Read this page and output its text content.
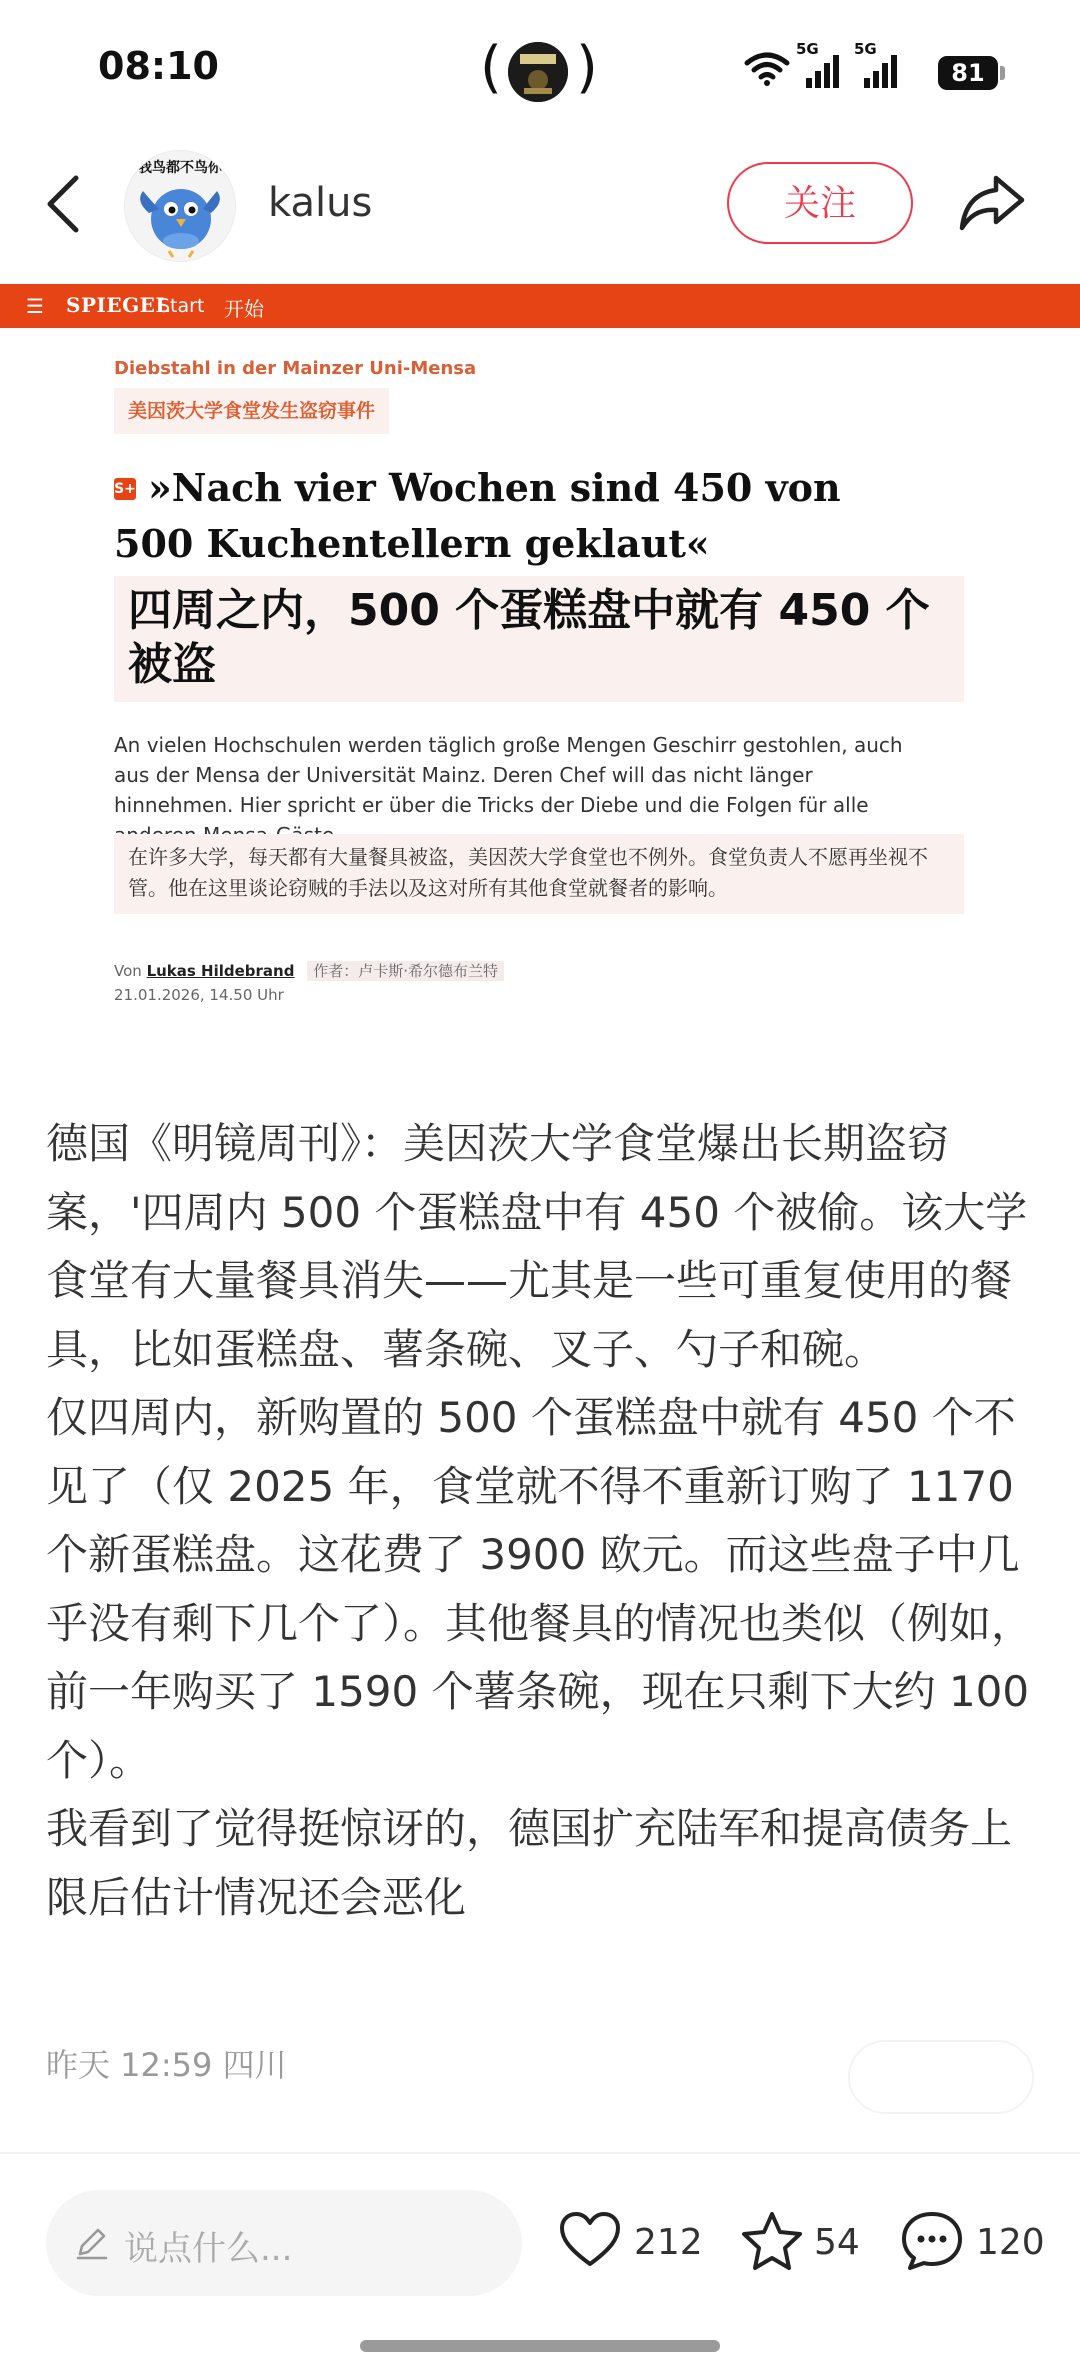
08:10	( )	5G 5G
81
我鸟都不鸟你
kalus	关注
☰ SPIEGEL
Start 开始
Diebstahl in der Mainzer Uni-Mensa
美因茨大学食堂发生盗窃事件
»Nach vier Wochen sind 450 von 500 Kuchentellern geklaut«
S+
四周之内，500 个蛋糕盘中就有 450 个被盗
An vielen Hochschulen werden täglich große Mengen Geschirr gestohlen, auch aus der Mensa der Universität Mainz. Deren Chef will das nicht länger hinnehmen. Hier spricht er über die Tricks der Diebe und die Folgen für alle
在许多大学，每天都有大量餐具被盗，美因茨大学食堂也不例外。食堂负责人不愿再坐视不管。他在这里谈论窃贼的手法以及这对所有其他食堂就餐者的影响。
Von Lukas Hildebrand 作者：卢卡斯·希尔德布兰特
21.01.2026, 14.50 Uhr

德国《明镜周刊》：美因茨大学食堂爆出长期盗窃案，'四周内 500 个蛋糕盘中有 450 个被偷。该大学食堂有大量餐具消失——尤其是一些可重复使用的餐具，比如蛋糕盘、薯条碗、叉子、勺子和碗。

仅四周内，新购置的 500 个蛋糕盘中就有 450 个不见了（仅 2025 年，食堂就不得不重新订购了 1170 个新蛋糕盘。这花费了 3900 欧元。而这些盘子中几乎没有剩下几个了）。其他餐具的情况也类似（例如，前一年购买了 1590 个薯条碗，现在只剩下大约 100 个）。

我看到了觉得挺惊讶的，德国扩充陆军和提高债务上限后估计情况还会恶化

昨天 12:59 四川
说点什么...	212	54	120
